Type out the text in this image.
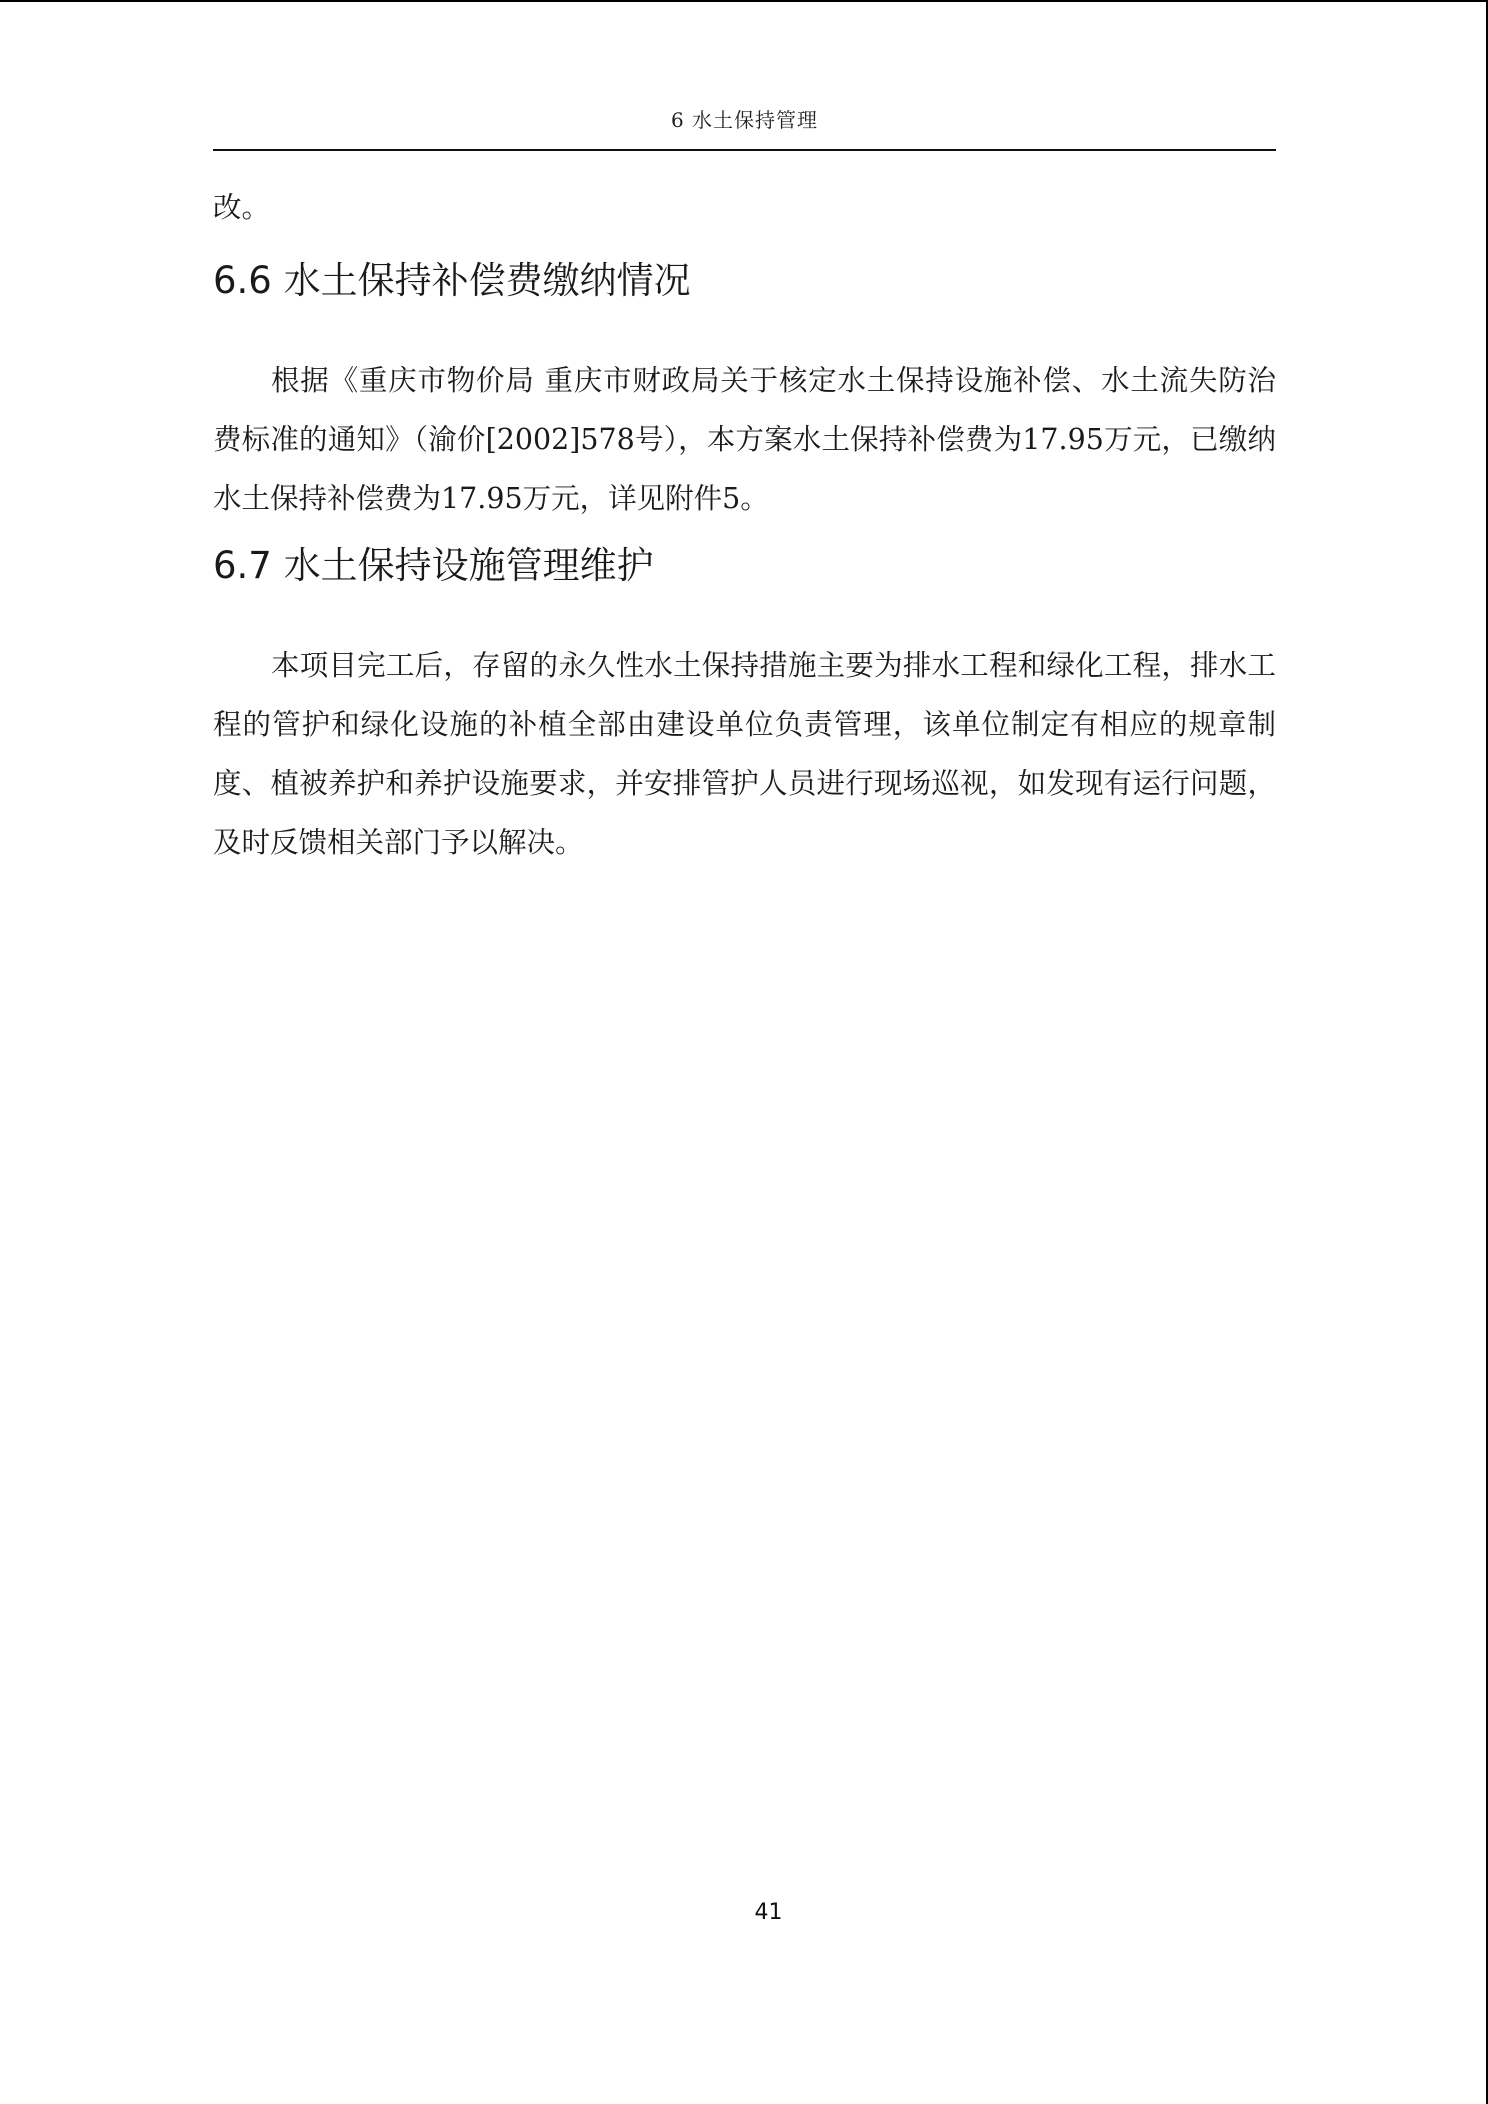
6 水土保持管理

改。

6.6 水土保持补偿费缴纳情况

根据《重庆市物价局 重庆市财政局关于核定水土保持设施补偿、水土流失防治费标准的通知》（渝价[2002]578号），本方案水土保持补偿费为17.95万元，已缴纳水土保持补偿费为17.95万元，详见附件5。

6.7 水土保持设施管理维护

本项目完工后，存留的永久性水土保持措施主要为排水工程和绿化工程，排水工程的管护和绿化设施的补植全部由建设单位负责管理，该单位制定有相应的规章制度、植被养护和养护设施要求，并安排管护人员进行现场巡视，如发现有运行问题，及时反馈相关部门予以解决。

41
